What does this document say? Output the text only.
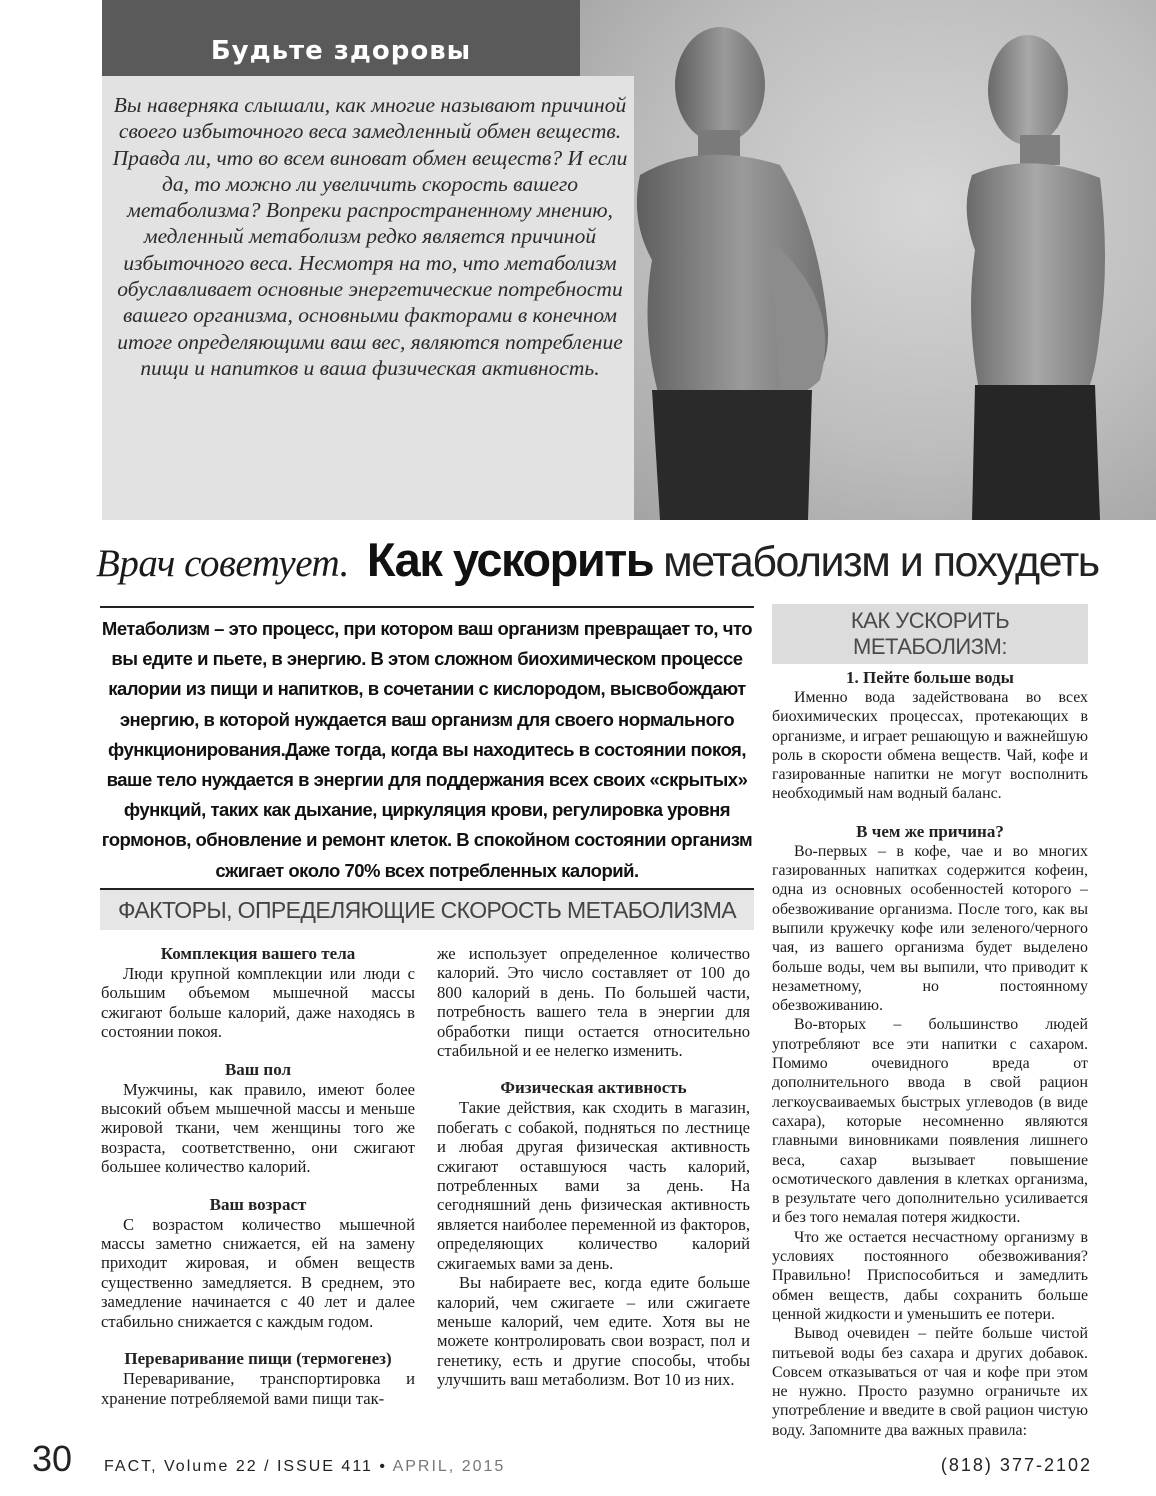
Будьте здоровы
Вы наверняка слышали, как многие называют причиной своего избыточного веса замедленный обмен веществ. Правда ли, что во всем виноват обмен веществ? И если да, то можно ли увеличить скорость вашего метаболизма? Вопреки распространенному мнению, медленный метаболизм редко является причиной избыточного веса. Несмотря на то, что метаболизм обуславливает основные энергетические потребности вашего организма, основными факторами в конечном итоге определяющими ваш вес, являются потребление пищи и напитков и ваша физическая активность.
Врач советует. Как ускорить метаболизм и похудеть
Метаболизм – это процесс, при котором ваш организм превращает то, что вы едите и пьете, в энергию. В этом сложном биохимическом процессе калории из пищи и напитков, в сочетании с кислородом, высвобождают энергию, в которой нуждается ваш организм для своего нормального функционирования.Даже тогда, когда вы находитесь в состоянии покоя, ваше тело нуждается в энергии для поддержания всех своих «скрытых» функций, таких как дыхание, циркуляция крови, регулировка уровня гормонов, обновление и ремонт клеток. В спокойном состоянии организм сжигает около 70% всех потребленных калорий.
ФАКТОРЫ, ОПРЕДЕЛЯЮЩИЕ СКОРОСТЬ МЕТАБОЛИЗМА
Комплекция вашего тела

Люди крупной комплекции или люди с большим объемом мышечной массы сжигают больше калорий, даже находясь в состоянии покоя.

Ваш пол

Мужчины, как правило, имеют более высокий объем мышечной массы и меньше жировой ткани, чем женщины того же возраста, соответственно, они сжигают большее количество калорий.

Ваш возраст

С возрастом количество мышечной массы заметно снижается, ей на замену приходит жировая, и обмен веществ существенно замедляется. В среднем, это замедление начинается с 40 лет и далее стабильно снижается с каждым годом.

Переваривание пищи (термогенез)

Переваривание, транспортировка и хранение потребляемой вами пищи так-

же использует определенное количество калорий. Это число составляет от 100 до 800 калорий в день. По большей части, потребность вашего тела в энергии для обработки пищи остается относительно стабильной и ее нелегко изменить.

Физическая активность

Такие действия, как сходить в магазин, побегать с собакой, подняться по лестнице и любая другая физическая активность сжигают оставшуюся часть калорий, потребленных вами за день. На сегодняшний день физическая активность является наиболее переменной из факторов, определяющих количество калорий сжигаемых вами за день.

Вы набираете вес, когда едите больше калорий, чем сжигаете – или сжигаете меньше калорий, чем едите. Хотя вы не можете контролировать свои возраст, пол и генетику, есть и другие способы, чтобы улучшить ваш метаболизм. Вот 10 из них.

КАК УСКОРИТЬ МЕТАБОЛИЗМ:
1. Пейте больше воды

Именно вода задействована во всех биохимических процессах, протекающих в организме, и играет решающую и важнейшую роль в скорости обмена веществ. Чай, кофе и газированные напитки не могут восполнить необходимый нам водный баланс.

В чем же причина?

Во-первых – в кофе, чае и во многих газированных напитках содержится кофеин, одна из основных особенностей которого – обезвоживание организма. После того, как вы выпили кружечку кофе или зеленого/черного чая, из вашего организма будет выделено больше воды, чем вы выпили, что приводит к незаметному, но постоянному обезвоживанию.

Во-вторых – большинство людей употребляют все эти напитки с сахаром. Помимо очевидного вреда от дополнительного ввода в свой рацион легкоусваиваемых быстрых углеводов (в виде сахара), которые несомненно являются главными виновниками появления лишнего веса, сахар вызывает повышение осмотического давления в клетках организма, в результате чего дополнительно усиливается и без того немалая потеря жидкости.

Что же остается несчастному организму в условиях постоянного обезвоживания? Правильно! Приспособиться и замедлить обмен веществ, дабы сохранить больше ценной жидкости и уменьшить ее потери.

Вывод очевиден – пейте больше чистой питьевой воды без сахара и других добавок. Совсем отказываться от чая и кофе при этом не нужно. Просто разумно ограничьте их употребление и введите в свой рацион чистую воду. Запомните два важных правила:

30	FACT, Volume 22 / ISSUE 411 • APRIL, 2015	(818) 377-2102
